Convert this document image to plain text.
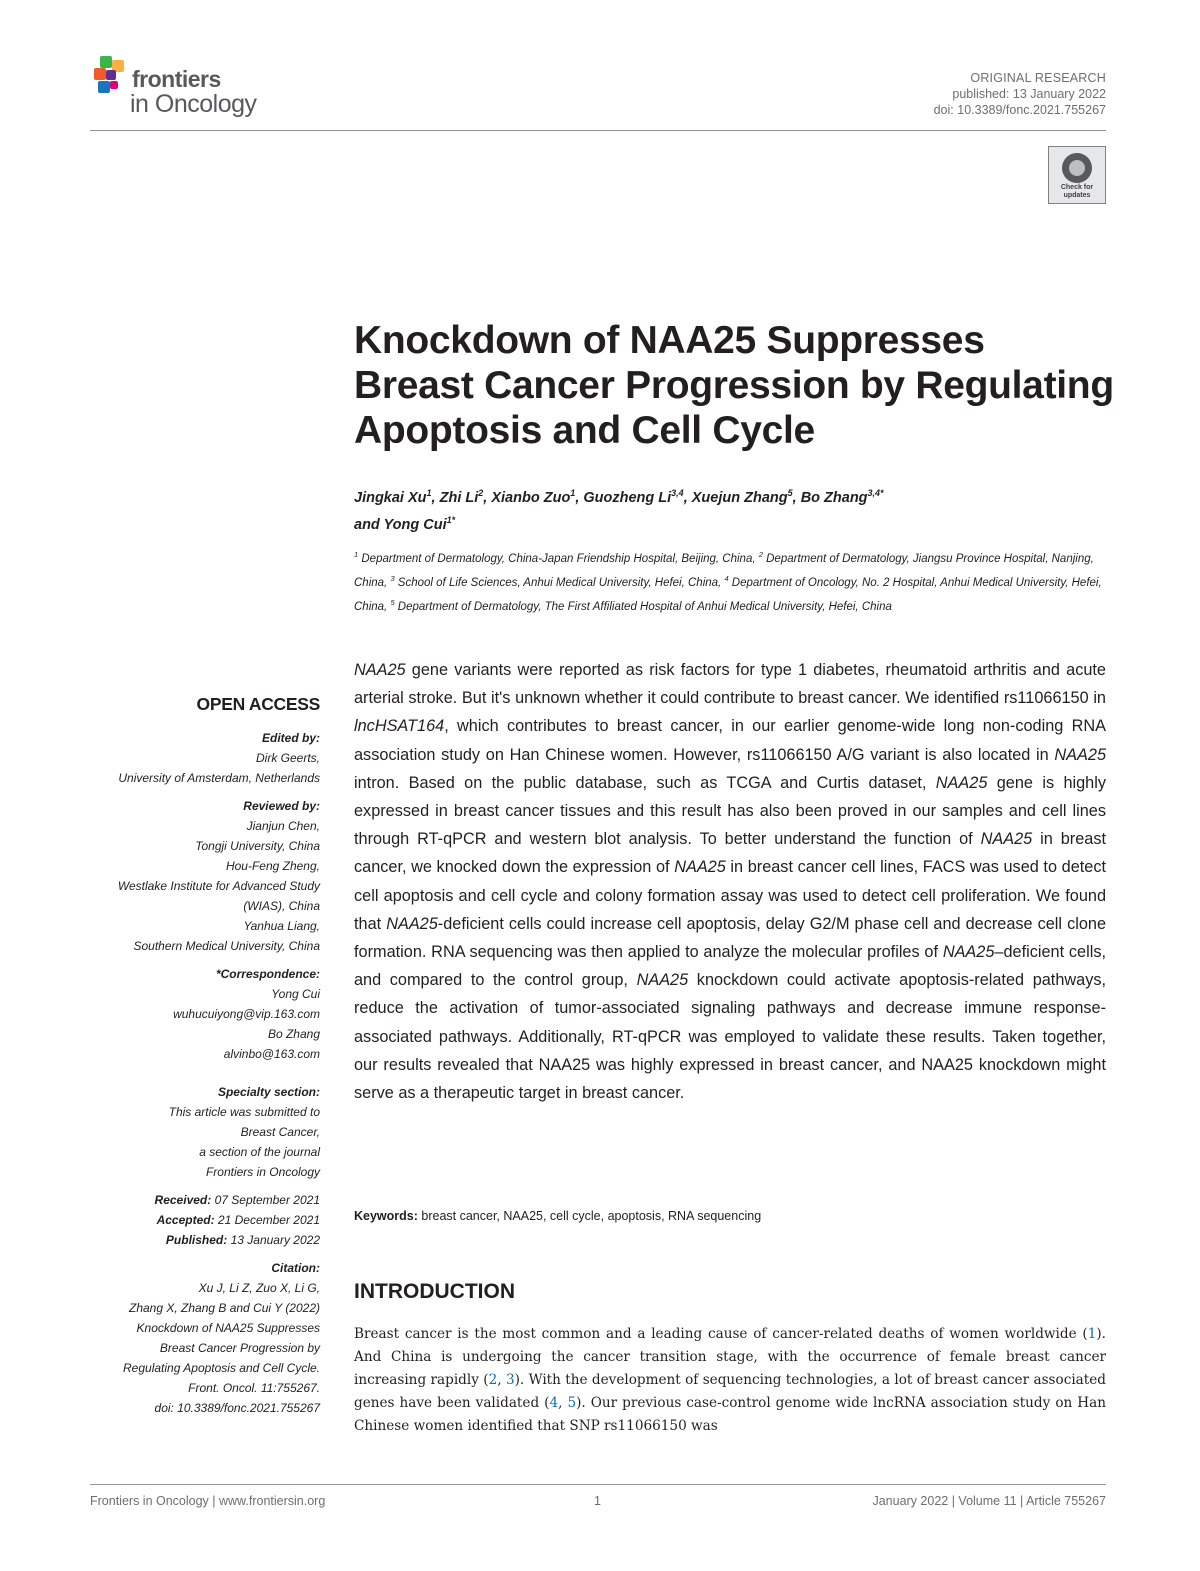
frontiers
in Oncology
ORIGINAL RESEARCH
published: 13 January 2022
doi: 10.3389/fonc.2021.755267
Check for
updates
Knockdown of NAA25 Suppresses Breast Cancer Progression by Regulating Apoptosis and Cell Cycle
Jingkai Xu$^1$, Zhi Li$^2$, Xianbo Zuo$^1$, Guozheng Li$^{3,4}$, Xuejun Zhang$^5$, Bo Zhang$^{3,4*}$
and Yong Cui$^{1*}$
$^1$ Department of Dermatology, China-Japan Friendship Hospital, Beijing, China, $^2$ Department of Dermatology, Jiangsu Province Hospital, Nanjing, China, $^3$ School of Life Sciences, Anhui Medical University, Hefei, China, $^4$ Department of Oncology, No. 2 Hospital, Anhui Medical University, Hefei, China, $^5$ Department of Dermatology, The First Affiliated Hospital of Anhui Medical University, Hefei, China
NAA25 gene variants were reported as risk factors for type 1 diabetes, rheumatoid arthritis and acute arterial stroke. But it's unknown whether it could contribute to breast cancer. We identified rs11066150 in lncHSAT164, which contributes to breast cancer, in our earlier genome-wide long non-coding RNA association study on Han Chinese women. However, rs11066150 A/G variant is also located in NAA25 intron. Based on the public database, such as TCGA and Curtis dataset, NAA25 gene is highly expressed in breast cancer tissues and this result has also been proved in our samples and cell lines through RT-qPCR and western blot analysis. To better understand the function of NAA25 in breast cancer, we knocked down the expression of NAA25 in breast cancer cell lines, FACS was used to detect cell apoptosis and cell cycle and colony formation assay was used to detect cell proliferation. We found that NAA25-deficient cells could increase cell apoptosis, delay G2/M phase cell and decrease cell clone formation. RNA sequencing was then applied to analyze the molecular profiles of NAA25–deficient cells, and compared to the control group, NAA25 knockdown could activate apoptosis-related pathways, reduce the activation of tumor-associated signaling pathways and decrease immune response-associated pathways. Additionally, RT-qPCR was employed to validate these results. Taken together, our results revealed that NAA25 was highly expressed in breast cancer, and NAA25 knockdown might serve as a therapeutic target in breast cancer.
Keywords: breast cancer, NAA25, cell cycle, apoptosis, RNA sequencing
INTRODUCTION
Breast cancer is the most common and a leading cause of cancer-related deaths of women worldwide (1). And China is undergoing the cancer transition stage, with the occurrence of female breast cancer increasing rapidly (2, 3). With the development of sequencing technologies, a lot of breast cancer associated genes have been validated (4, 5). Our previous case-control genome wide lncRNA association study on Han Chinese women identified that SNP rs11066150 was
OPEN ACCESS
Edited by:
Dirk Geerts,
University of Amsterdam, Netherlands
Reviewed by:
Jianjun Chen,
Tongji University, China
Hou-Feng Zheng,
Westlake Institute for Advanced Study
(WIAS), China
Yanhua Liang,
Southern Medical University, China
*Correspondence:
Yong Cui
wuhucuiyong@vip.163.com
Bo Zhang
alvinbo@163.com
Specialty section:
This article was submitted to
Breast Cancer,
a section of the journal
Frontiers in Oncology
Received: 07 September 2021
Accepted: 21 December 2021
Published: 13 January 2022
Citation:
Xu J, Li Z, Zuo X, Li G,
Zhang X, Zhang B and Cui Y (2022)
Knockdown of NAA25 Suppresses
Breast Cancer Progression by
Regulating Apoptosis and Cell Cycle.
Front. Oncol. 11:755267.
doi: 10.3389/fonc.2021.755267
Frontiers in Oncology | www.frontiersin.org	1	January 2022 | Volume 11 | Article 755267
